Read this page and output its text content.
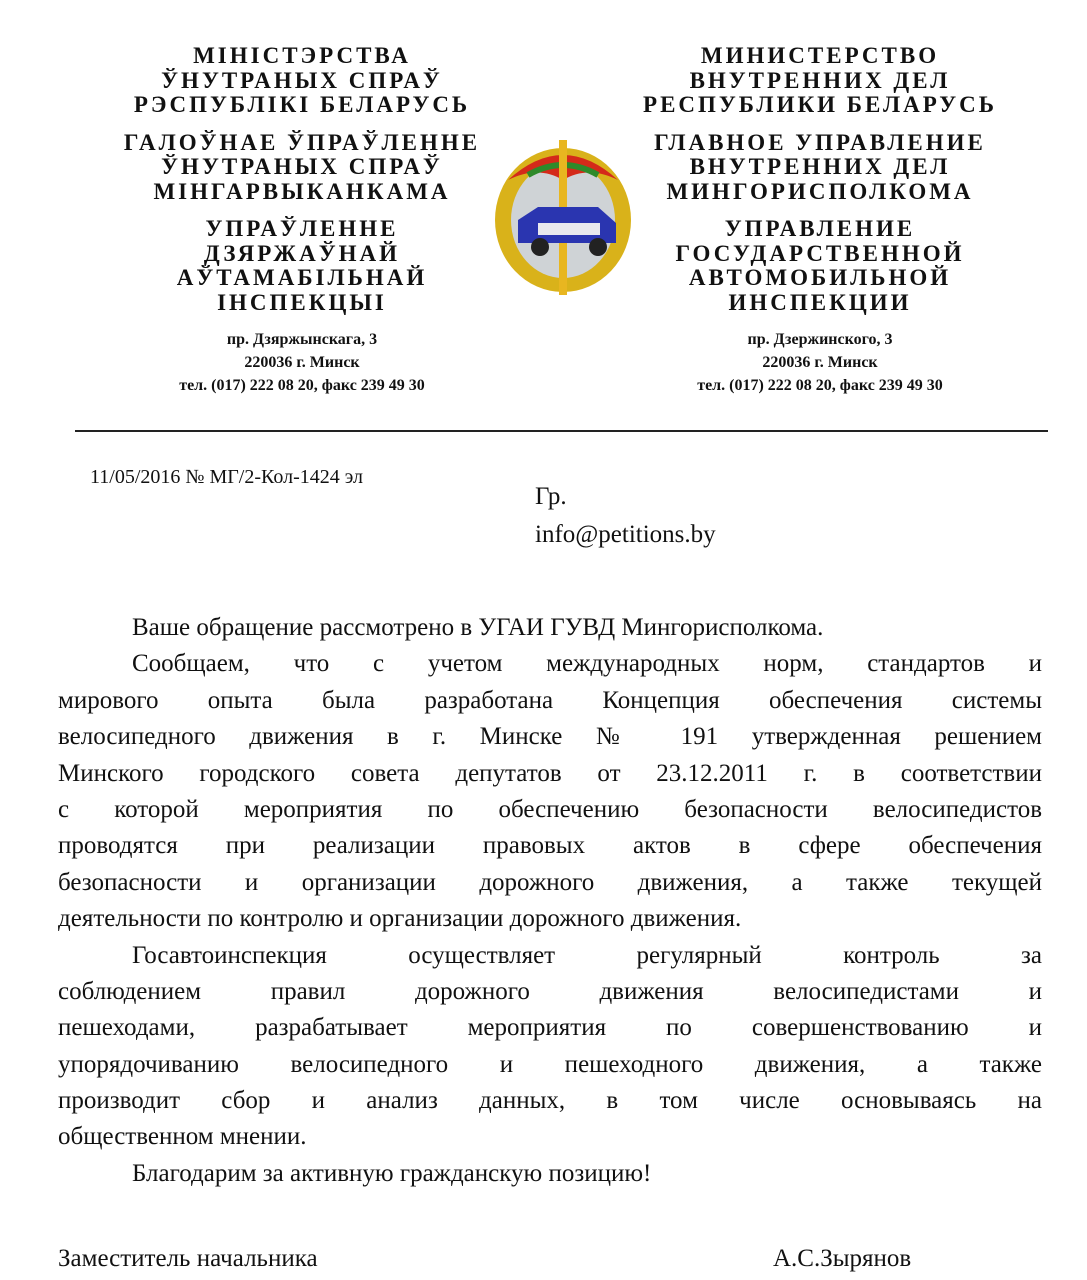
МІНІСТЭРСТВА
ЎНУТРАНЫХ СПРАЎ
РЭСПУБЛІКІ БЕЛАРУСЬ
ГАЛОЎНАЕ ЎПРАЎЛЕННЕ
ЎНУТРАНЫХ СПРАЎ
МІНГАРВЫКАНКАМА
УПРАЎЛЕННЕ
ДЗЯРЖАЎНАЙ
АЎТАМАБІЛЬНАЙ
ІНСПЕКЦЫІ
пр. Дзяржынскага, 3
220036 г. Минск
тел. (017) 222 08 20, факс 239 49 30
МИНИСТЕРСТВО
ВНУТРЕННИХ ДЕЛ
РЕСПУБЛИКИ БЕЛАРУСЬ
ГЛАВНОЕ УПРАВЛЕНИЕ
ВНУТРЕННИХ ДЕЛ
МИНГОРИСПОЛКОМА
УПРАВЛЕНИЕ
ГОСУДАРСТВЕННОЙ
АВТОМОБИЛЬНОЙ
ИНСПЕКЦИИ
пр. Дзержинского, 3
220036 г. Минск
тел. (017) 222 08 20, факс 239 49 30
11/05/2016 № МГ/2-Кол-1424 эл
Гр.
info@petitions.by
Ваше обращение рассмотрено в УГАИ ГУВД Мингорисполкома.
Сообщаем, что с учетом международных норм, стандартов и
мирового опыта была разработана Концепция обеспечения системы
велосипедного движения в г. Минске № 191 утвержденная решением
Минского городского совета депутатов от 23.12.2011 г. в соответствии
с которой мероприятия по обеспечению безопасности велосипедистов
проводятся при реализации правовых актов в сфере обеспечения
безопасности и организации дорожного движения, а также текущей
деятельности по контролю и организации дорожного движения.
Госавтоинспекция осуществляет регулярный контроль за
соблюдением правил дорожного движения велосипедистами и
пешеходами, разрабатывает мероприятия по совершенствованию и
упорядочиванию велосипедного и пешеходного движения, а также
производит сбор и анализ данных, в том числе основываясь на
общественном мнении.
Благодарим за активную гражданскую позицию!
Заместитель начальника	А.С.Зырянов
